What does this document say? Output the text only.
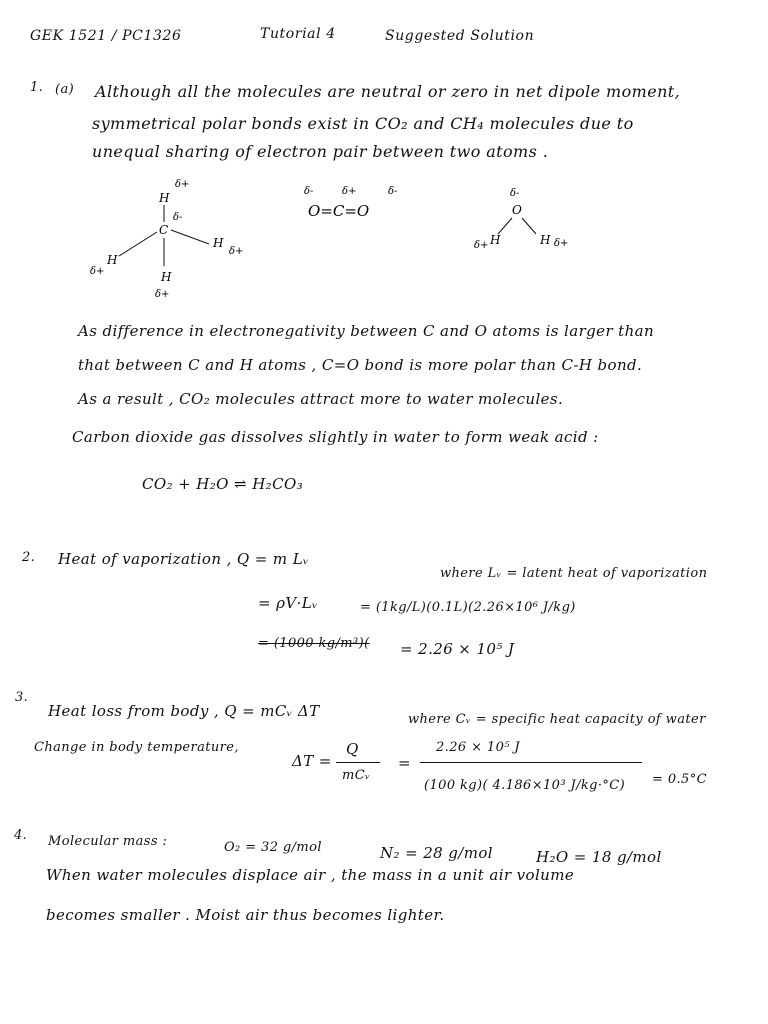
GEK 1521 / PC1326	Tutorial 4	Suggested Solution
1. (a) Although all the molecules are neutral or zero in net dipole moment,
symmetrical polar bonds exist in CO₂ and CH₄ molecules due to
unequal sharing of electron pair between two atoms .
δ+
H
C
δ-
H
δ+
H
δ+	H
δ+
δ-	δ+	δ-
O=C=O
δ-
O
H
δ+	H δ+
As difference in electronegativity between C and O atoms is larger than
that between C and H atoms , C=O bond is more polar than C-H bond.
As a result , CO₂ molecules attract more to water molecules.
Carbon dioxide gas dissolves slightly in water to form weak acid :
CO₂ + H₂O ⇌ H₂CO₃
2. Heat of vaporization , Q = m Lᵥ
where Lᵥ = latent heat of vaporization
= ρV·Lᵥ	= (1kg/L)(0.1L)(2.26×10⁶ J/kg)
= (1000 kg/m³)( = 2.26 × 10⁵ J
3.
Heat loss from body , Q = mCᵥ ΔT	where Cᵥ = specific heat capacity of water
Change in body temperature,
ΔT =
Q
mCᵥ
=
2.26 × 10⁵ J
(100 kg)( 4.186×10³ J/kg·°C) = 0.5°C
4. Molecular mass :	O₂ = 32 g/mol	N₂ = 28 g/mol	H₂O = 18 g/mol
When water molecules displace air , the mass in a unit air volume
becomes smaller . Moist air thus becomes lighter.
